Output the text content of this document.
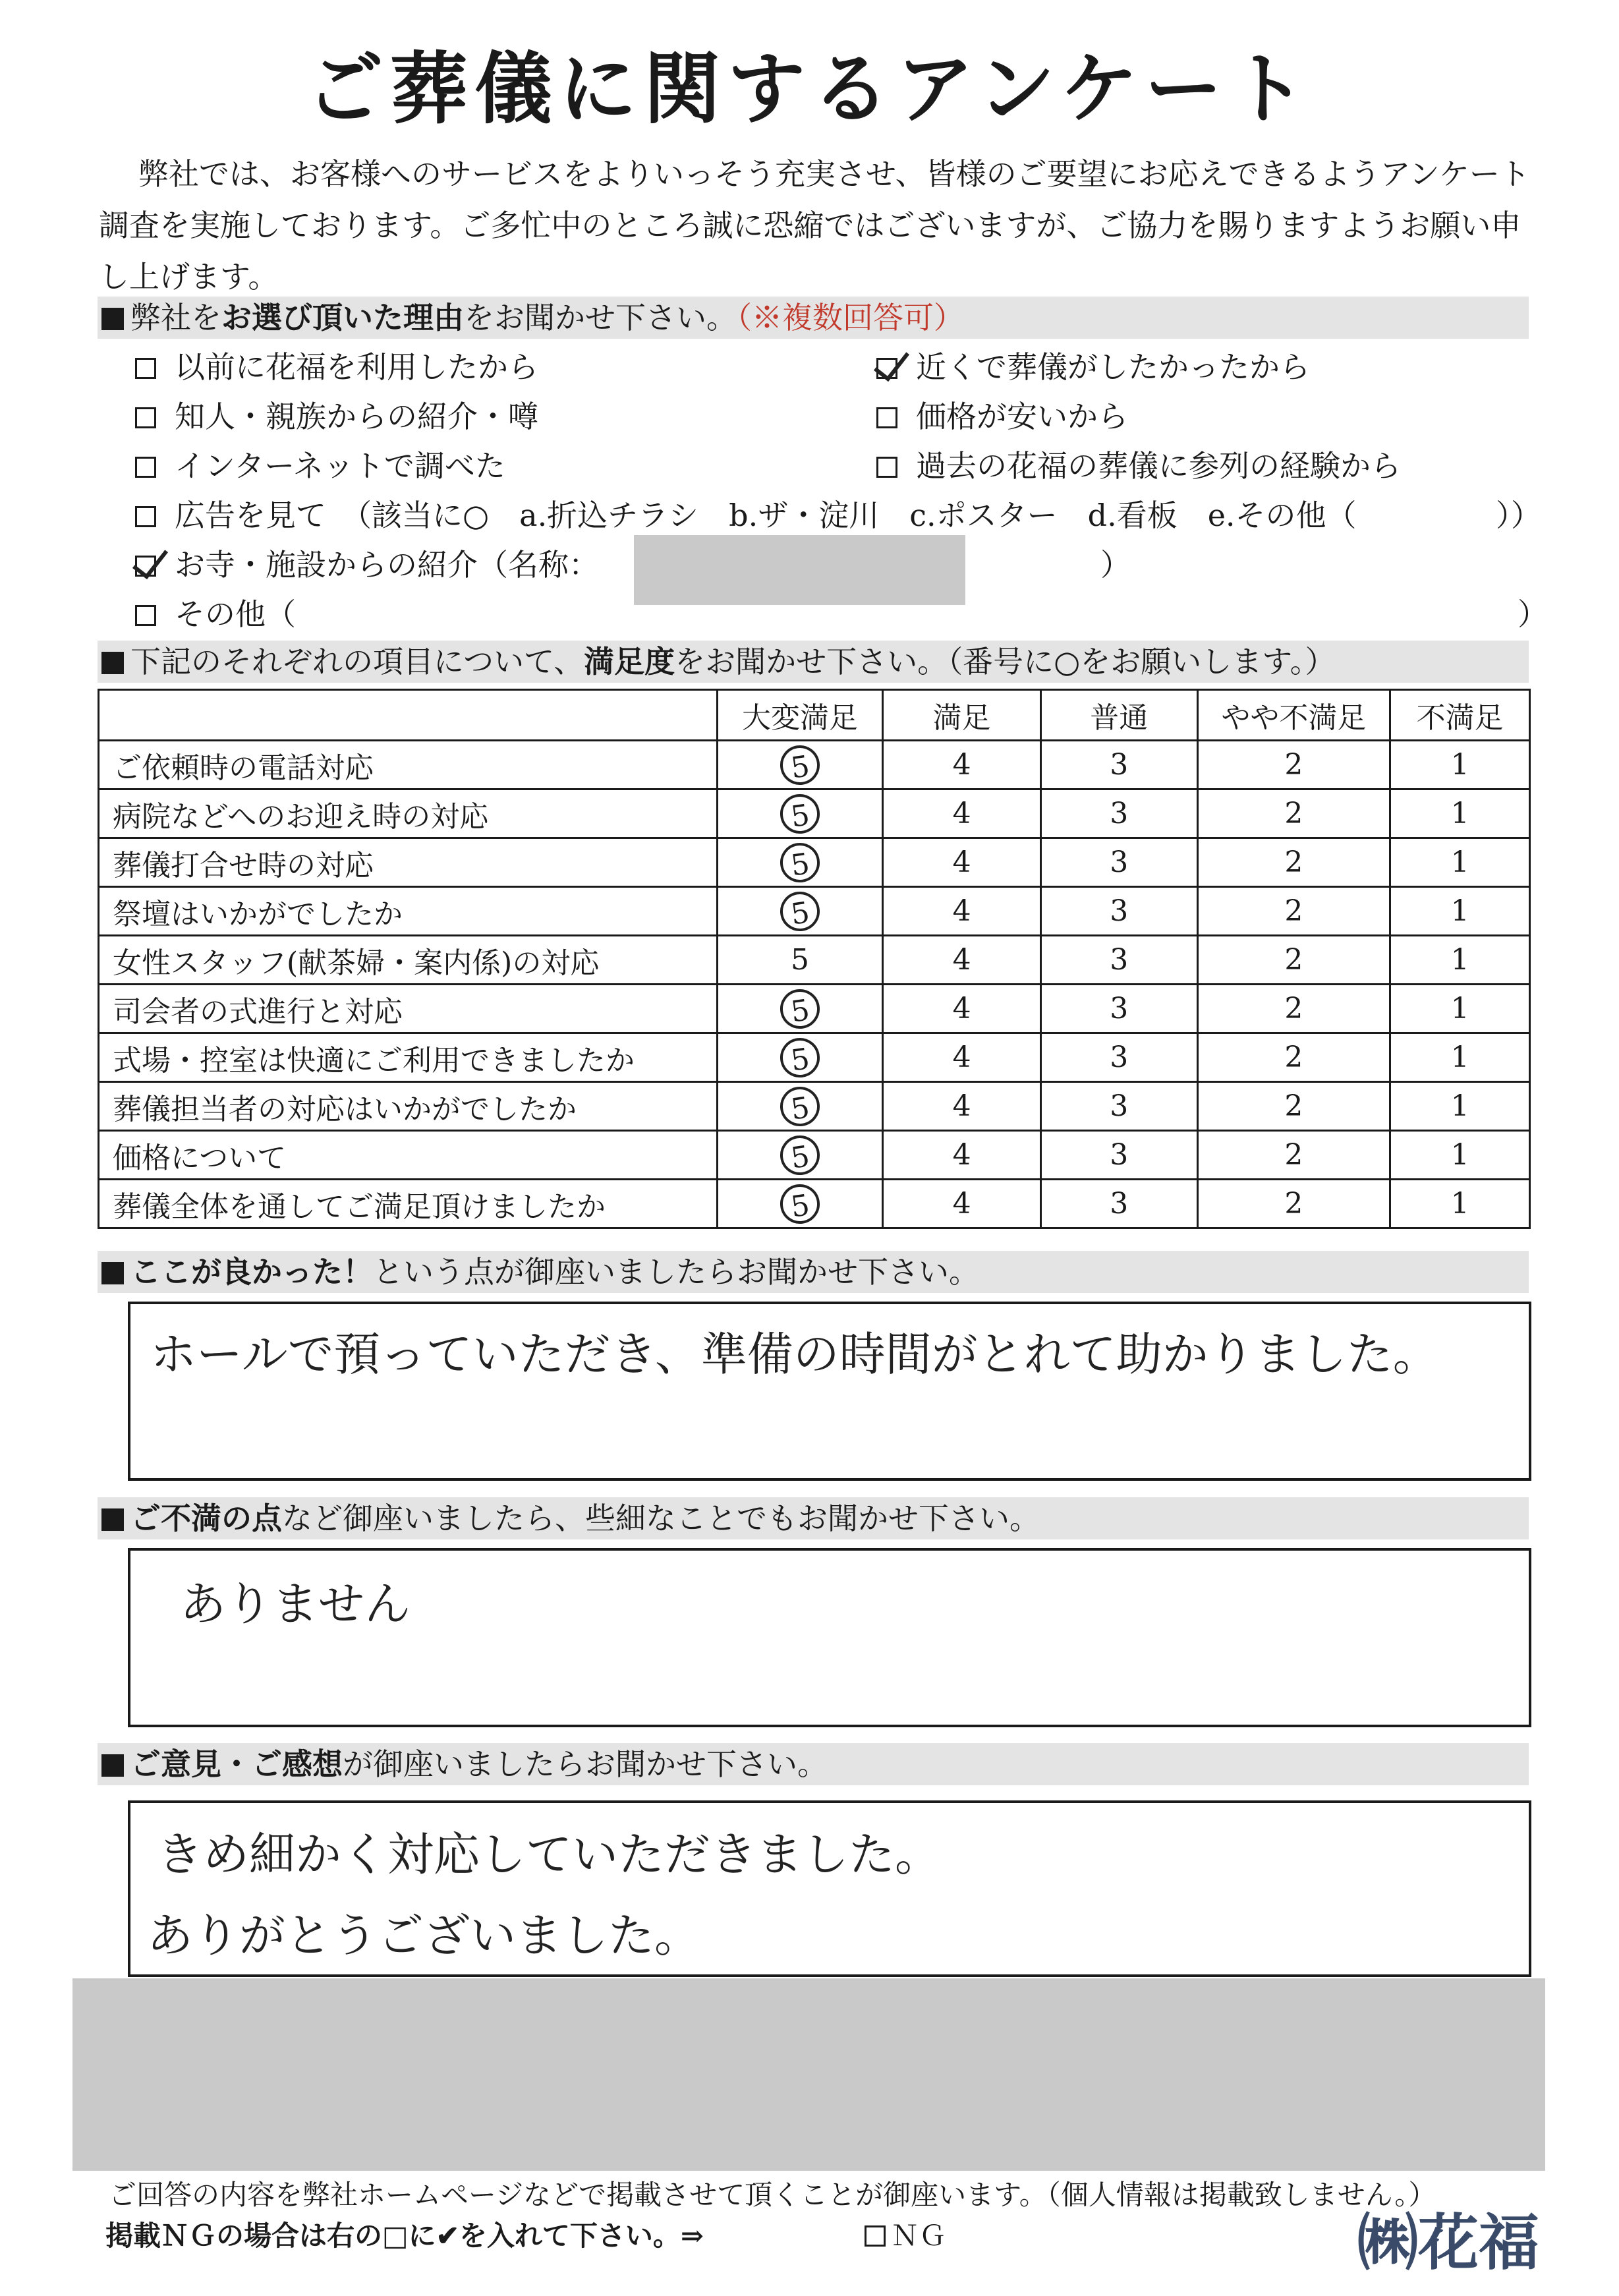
ご葬儀に関するアンケート
弊社では、お客様へのサービスをよりいっそう充実させ、皆様のご要望にお応えできるようアンケート調査を実施しております。ご多忙中のところ誠に恐縮ではございますが、ご協力を賜りますようお願い申し上げます。
弊社をお選び頂いた理由をお聞かせ下さい。（※複数回答可）
以前に花福を利用したから
知人・親族からの紹介・噂
インターネットで調べた
近くで葬儀がしたかったから
価格が安いから
過去の花福の葬儀に参列の経験から
広告を見て　（該当に○　a.折込チラシ　b.ザ・淀川　c.ポスター　d.看板　e.その他（	））
お寺・施設からの紹介（名称：	）
その他（	）
下記のそれぞれの項目について、満足度をお聞かせ下さい。（番号に○をお願いします。）
	大変満足	満足	普通	やや不満足	不満足
ご依頼時の電話対応	5	4	3	2	1
病院などへのお迎え時の対応	5	4	3	2	1
葬儀打合せ時の対応	5	4	3	2	1
祭壇はいかがでしたか	5	4	3	2	1
女性スタッフ(献茶婦・案内係)の対応	5	4	3	2	1
司会者の式進行と対応	5	4	3	2	1
式場・控室は快適にご利用できましたか	5	4	3	2	1
葬儀担当者の対応はいかがでしたか	5	4	3	2	1
価格について	5	4	3	2	1
葬儀全体を通してご満足頂けましたか	5	4	3	2	1
ここが良かった！という点が御座いましたらお聞かせ下さい。
ホールで預っていただき、準備の時間がとれて助かりました。
ご不満の点など御座いましたら、些細なことでもお聞かせ下さい。
ありません
ご意見・ご感想が御座いましたらお聞かせ下さい。
きめ細かく対応していただきました。
ありがとうございました。
ご回答の内容を弊社ホームページなどで掲載させて頂くことが御座います。（個人情報は掲載致しません。）
掲載ＮＧの場合は右の□に✔を入れて下さい。⇒	ＮＧ	㈱花福
